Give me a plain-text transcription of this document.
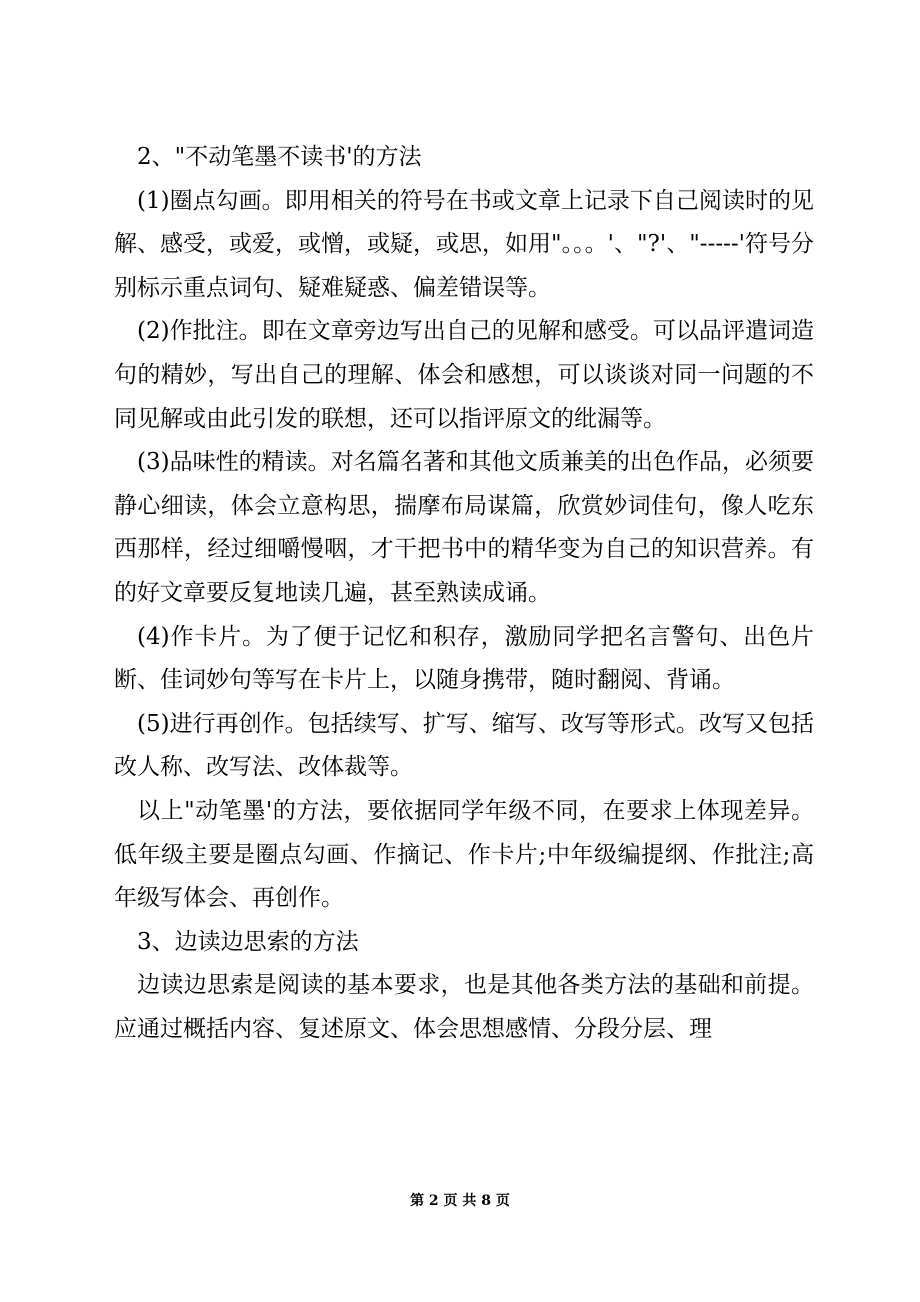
2、"不动笔墨不读书'的方法

(1)圈点勾画。即用相关的符号在书或文章上记录下自己阅读时的见解、感受，或爱，或憎，或疑，或思，如用"。。。'、"?'、"-----'符号分别标示重点词句、疑难疑惑、偏差错误等。

(2)作批注。即在文章旁边写出自己的见解和感受。可以品评遣词造句的精妙，写出自己的理解、体会和感想，可以谈谈对同一问题的不同见解或由此引发的联想，还可以指评原文的纰漏等。

(3)品味性的精读。对名篇名著和其他文质兼美的出色作品，必须要静心细读，体会立意构思，揣摩布局谋篇，欣赏妙词佳句，像人吃东西那样，经过细嚼慢咽，才干把书中的精华变为自己的知识营养。有的好文章要反复地读几遍，甚至熟读成诵。

(4)作卡片。为了便于记忆和积存，激励同学把名言警句、出色片断、佳词妙句等写在卡片上，以随身携带，随时翻阅、背诵。

(5)进行再创作。包括续写、扩写、缩写、改写等形式。改写又包括改人称、改写法、改体裁等。

以上"动笔墨'的方法，要依据同学年级不同，在要求上体现差异。低年级主要是圈点勾画、作摘记、作卡片;中年级编提纲、作批注;高年级写体会、再创作。

3、边读边思索的方法

边读边思索是阅读的基本要求，也是其他各类方法的基础和前提。应通过概括内容、复述原文、体会思想感情、分段分层、理

第 2 页 共 8 页
